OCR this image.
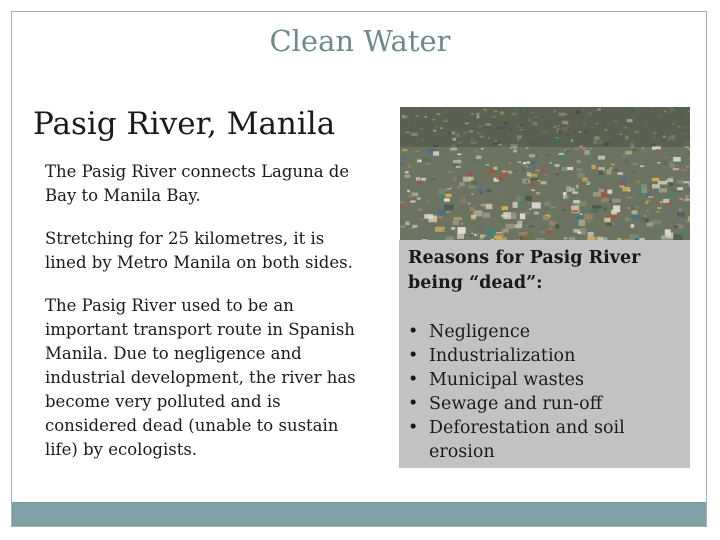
Clean Water
Pasig River, Manila

The Pasig River connects Laguna de Bay to Manila Bay.

Stretching for 25 kilometres, it is lined by Metro Manila on both sides.

The Pasig River used to be an important transport route in Spanish Manila. Due to negligence and industrial development, the river has become very polluted and is considered dead (unable to sustain life) by ecologists.

Reasons for Pasig River being “dead”:

• Negligence
• Industrialization
• Municipal wastes
• Sewage and run-off
• Deforestation and soil erosion
